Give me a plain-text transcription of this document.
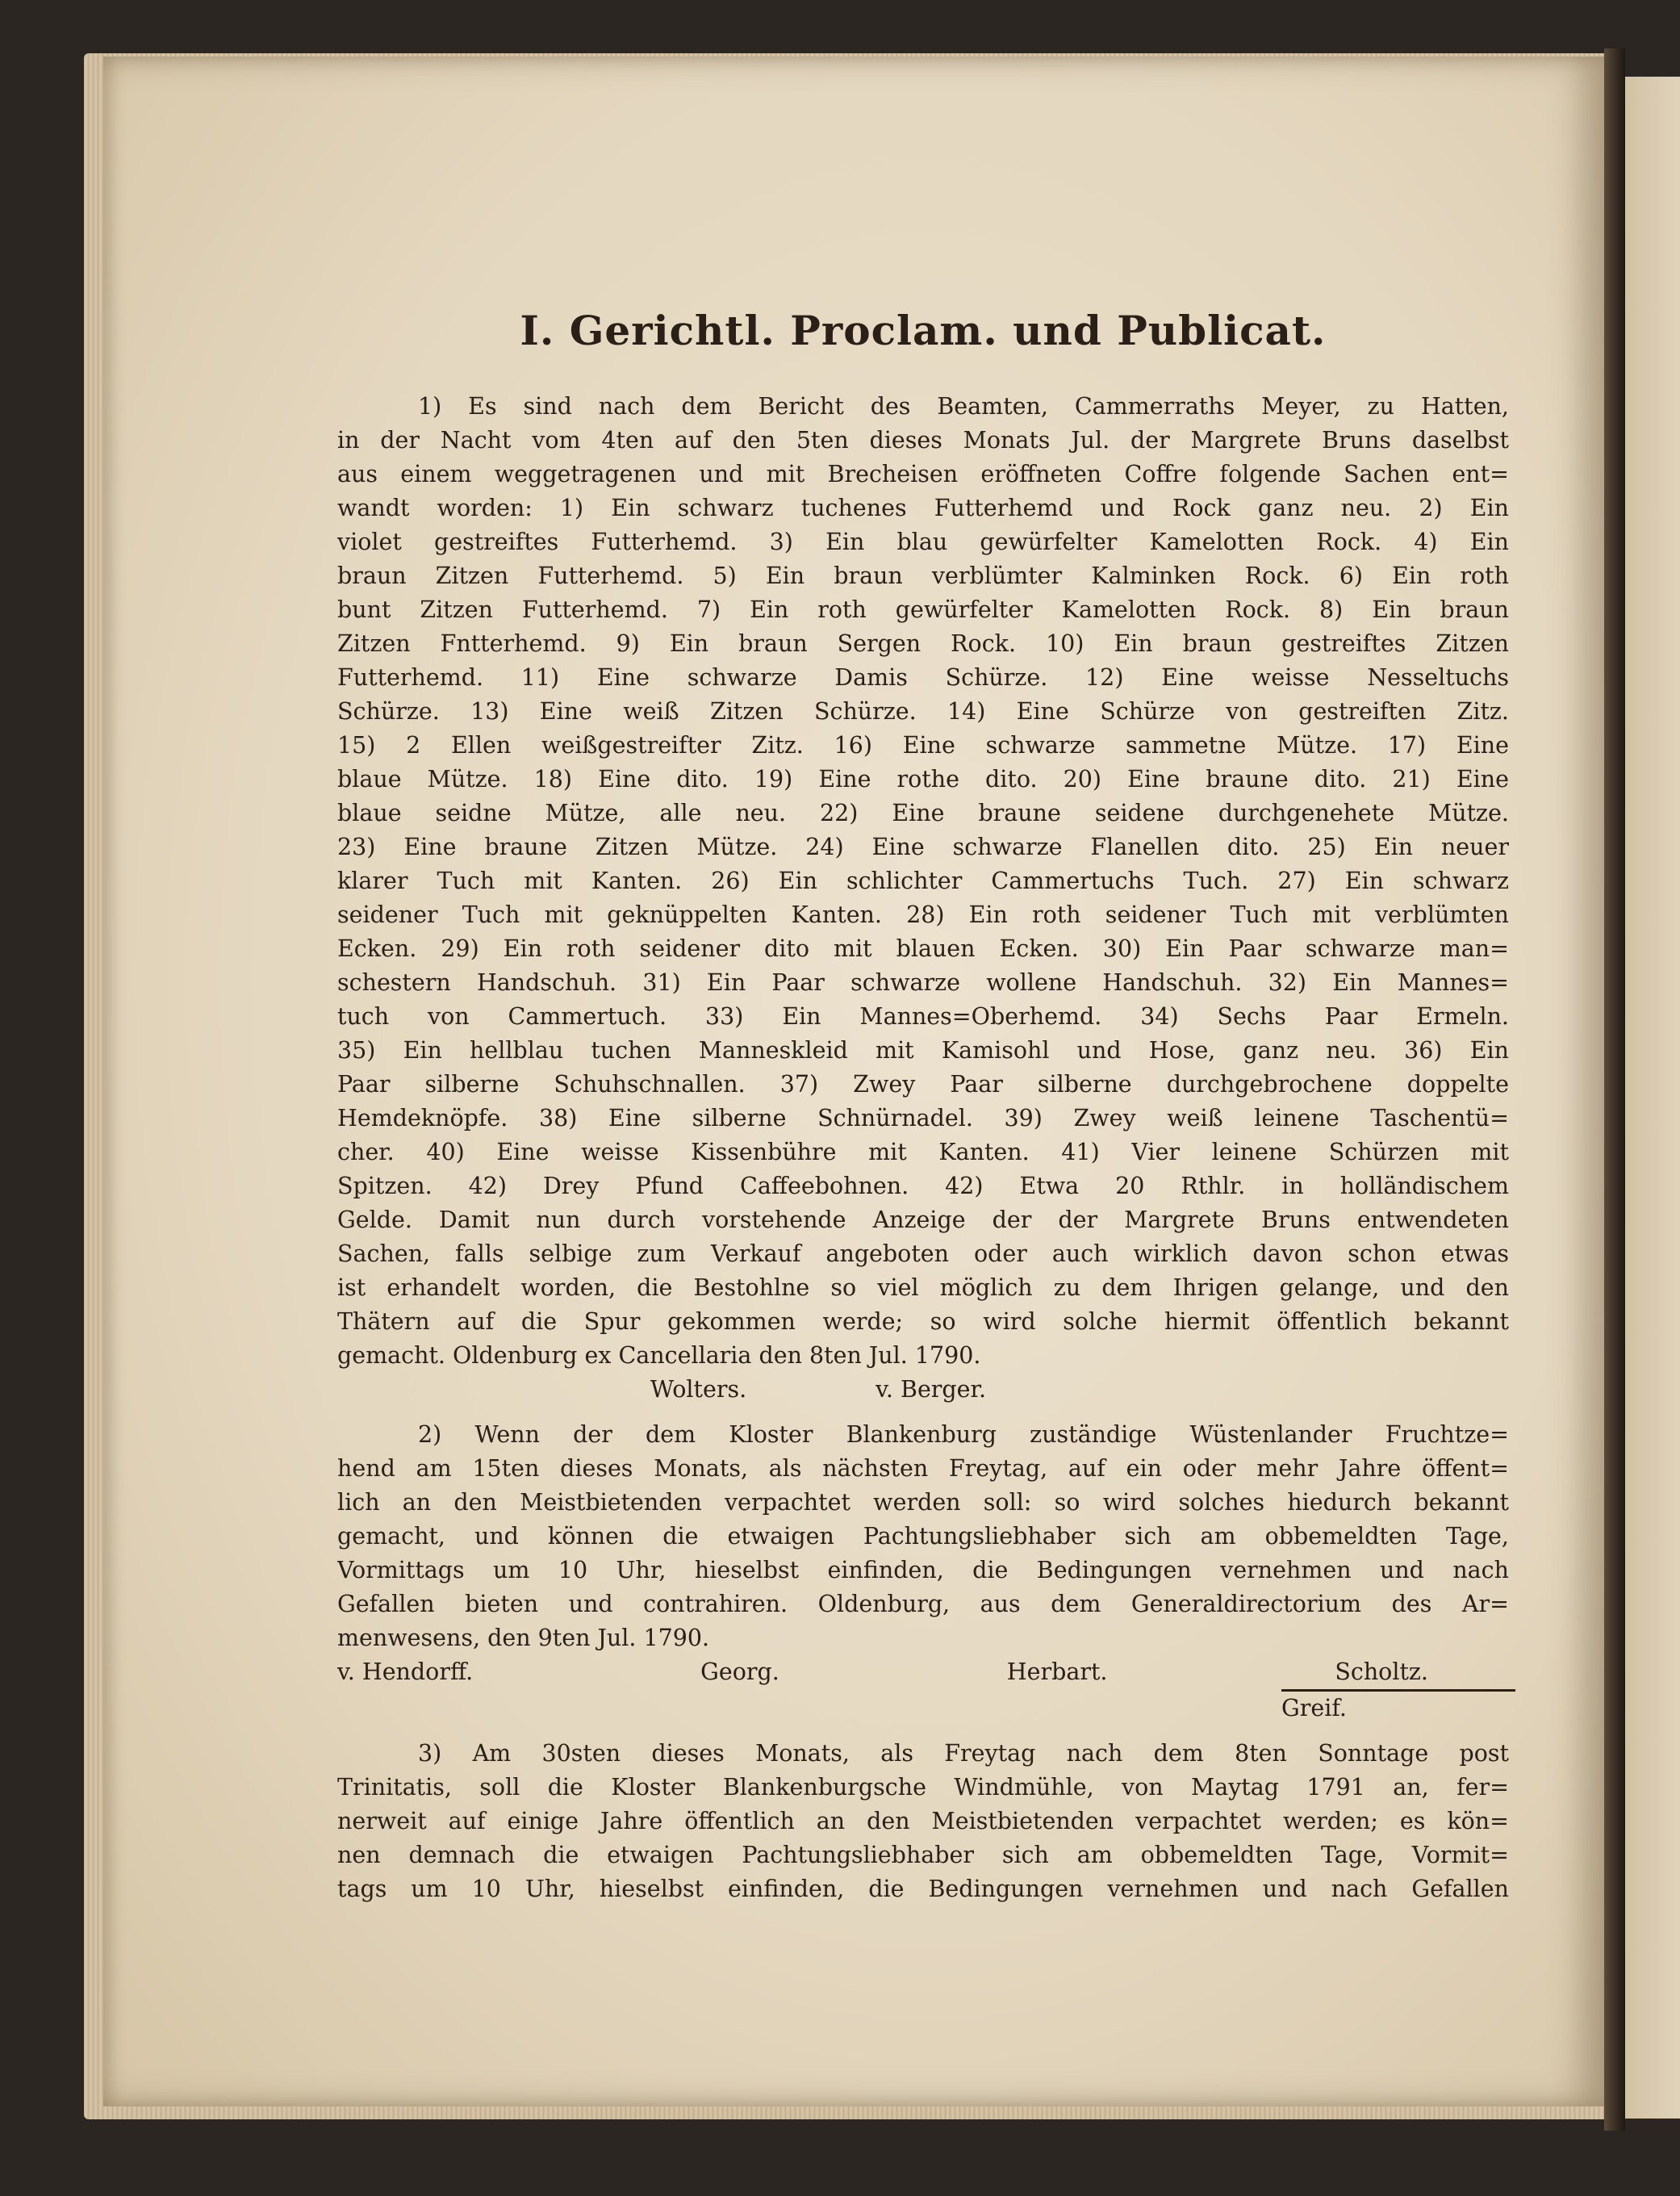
I. Gerichtl. Proclam. und Publicat.
1) Es sind nach dem Bericht des Beamten, Cammerraths Meyer, zu Hatten,
in der Nacht vom 4ten auf den 5ten dieses Monats Jul. der Margrete Bruns daselbst
aus einem weggetragenen und mit Brecheisen eröffneten Coffre folgende Sachen ent=
wandt worden: 1) Ein schwarz tuchenes Futterhemd und Rock ganz neu. 2) Ein
violet gestreiftes Futterhemd. 3) Ein blau gewürfelter Kamelotten Rock. 4) Ein
braun Zitzen Futterhemd. 5) Ein braun verblümter Kalminken Rock. 6) Ein roth
bunt Zitzen Futterhemd. 7) Ein roth gewürfelter Kamelotten Rock. 8) Ein braun
Zitzen Fntterhemd. 9) Ein braun Sergen Rock. 10) Ein braun gestreiftes Zitzen
Futterhemd. 11) Eine schwarze Damis Schürze. 12) Eine weisse Nesseltuchs
Schürze. 13) Eine weiß Zitzen Schürze. 14) Eine Schürze von gestreiften Zitz.
15) 2 Ellen weißgestreifter Zitz. 16) Eine schwarze sammetne Mütze. 17) Eine
blaue Mütze. 18) Eine dito. 19) Eine rothe dito. 20) Eine braune dito. 21) Eine
blaue seidne Mütze, alle neu. 22) Eine braune seidene durchgenehete Mütze.
23) Eine braune Zitzen Mütze. 24) Eine schwarze Flanellen dito. 25) Ein neuer
klarer Tuch mit Kanten. 26) Ein schlichter Cammertuchs Tuch. 27) Ein schwarz
seidener Tuch mit geknüppelten Kanten. 28) Ein roth seidener Tuch mit verblümten
Ecken. 29) Ein roth seidener dito mit blauen Ecken. 30) Ein Paar schwarze man=
schestern Handschuh. 31) Ein Paar schwarze wollene Handschuh. 32) Ein Mannes=
tuch von Cammertuch. 33) Ein Mannes=Oberhemd. 34) Sechs Paar Ermeln.
35) Ein hellblau tuchen Manneskleid mit Kamisohl und Hose, ganz neu. 36) Ein
Paar silberne Schuhschnallen. 37) Zwey Paar silberne durchgebrochene doppelte
Hemdeknöpfe. 38) Eine silberne Schnürnadel. 39) Zwey weiß leinene Taschentü=
cher. 40) Eine weisse Kissenbühre mit Kanten. 41) Vier leinene Schürzen mit
Spitzen. 42) Drey Pfund Caffeebohnen. 42) Etwa 20 Rthlr. in holländischem
Gelde. Damit nun durch vorstehende Anzeige der der Margrete Bruns entwendeten
Sachen, falls selbige zum Verkauf angeboten oder auch wirklich davon schon etwas
ist erhandelt worden, die Bestohlne so viel möglich zu dem Ihrigen gelange, und den
Thätern auf die Spur gekommen werde; so wird solche hiermit öffentlich bekannt
gemacht. Oldenburg ex Cancellaria den 8ten Jul. 1790.
Wolters.	v. Berger.
2) Wenn der dem Kloster Blankenburg zuständige Wüstenlander Fruchtze=
hend am 15ten dieses Monats, als nächsten Freytag, auf ein oder mehr Jahre öffent=
lich an den Meistbietenden verpachtet werden soll: so wird solches hiedurch bekannt
gemacht, und können die etwaigen Pachtungsliebhaber sich am obbemeldten Tage,
Vormittags um 10 Uhr, hieselbst einfinden, die Bedingungen vernehmen und nach
Gefallen bieten und contrahiren. Oldenburg, aus dem Generaldirectorium des Ar=
menwesens, den 9ten Jul. 1790.
v. Hendorff.	Georg.	Herbart.	Scholtz.
Greif.
3) Am 30sten dieses Monats, als Freytag nach dem 8ten Sonntage post
Trinitatis, soll die Kloster Blankenburgsche Windmühle, von Maytag 1791 an, fer=
nerweit auf einige Jahre öffentlich an den Meistbietenden verpachtet werden; es kön=
nen demnach die etwaigen Pachtungsliebhaber sich am obbemeldten Tage, Vormit=
tags um 10 Uhr, hieselbst einfinden, die Bedingungen vernehmen und nach Gefallen
